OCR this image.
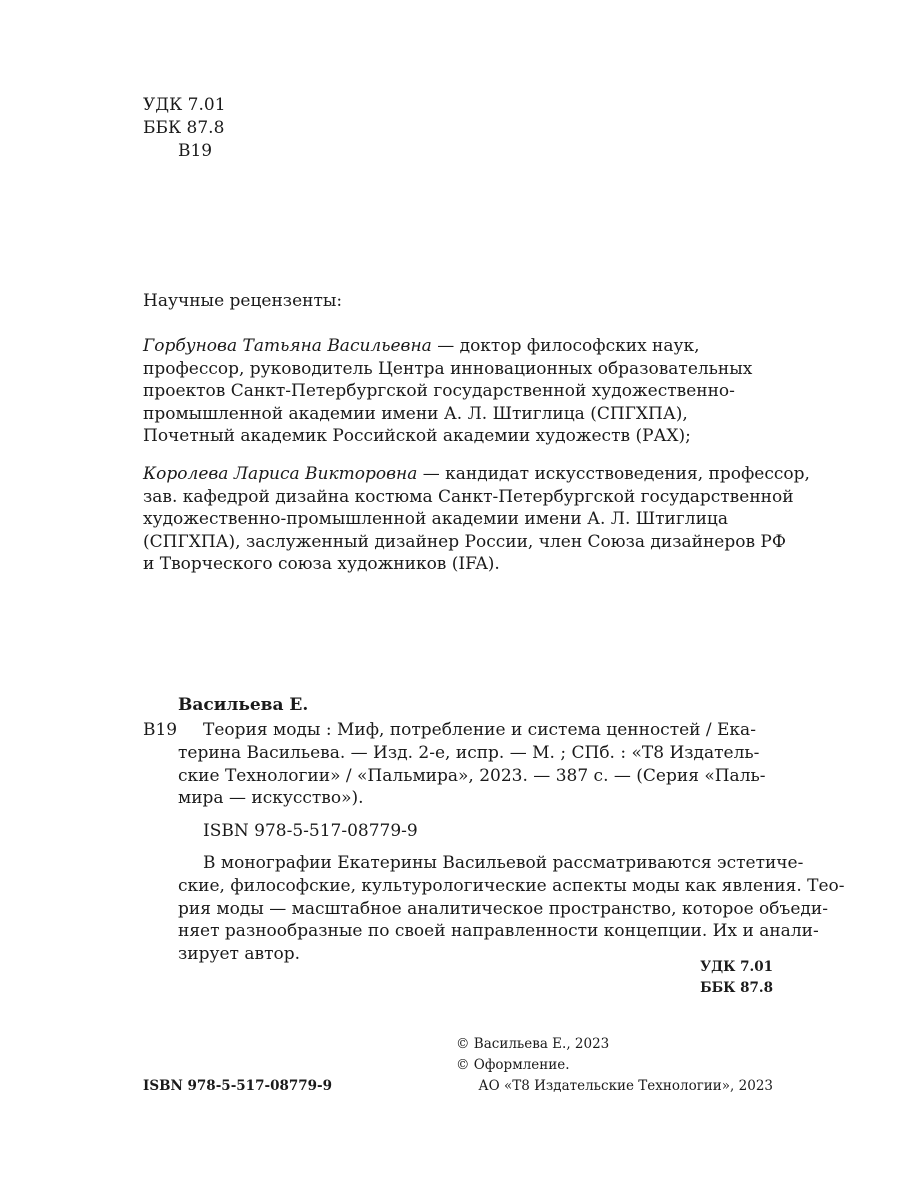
УДК 7.01
ББК 87.8
В19
Научные рецензенты:
Горбунова Татьяна Васильевна — доктор философских наук,
профессор, руководитель Центра инновационных образовательных
проектов Санкт-Петербургской государственной художественно-
промышленной академии имени А. Л. Штиглица (СПГХПА),
Почетный академик Российской академии художеств (РАХ);
Королева Лариса Викторовна — кандидат искусствоведения, профессор,
зав. кафедрой дизайна костюма Санкт-Петербургской государственной
художественно-промышленной академии имени А. Л. Штиглица
(СПГХПА), заслуженный дизайнер России, член Союза дизайнеров РФ
и Творческого союза художников (IFA).
Васильева Е.
В19 Теория моды : Миф, потребление и система ценностей / Ека-
терина Васильева. — Изд. 2-е, испр. — М. ; СПб. : «Т8 Издатель-
ские Технологии» / «Пальмира», 2023. — 387 с. — (Серия «Паль-
мира — искусство»).
ISBN 978-5-517-08779-9
В монографии Екатерины Васильевой рассматриваются эстетиче-
ские, философские, культурологические аспекты моды как явления. Тео-
рия моды — масштабное аналитическое пространство, которое объеди-
няет разнообразные по своей направленности концепции. Их и анали-
зирует автор.
УДК 7.01
ББК 87.8
© Васильева Е., 2023
© Оформление.
АО «Т8 Издательские Технологии», 2023
ISBN 978-5-517-08779-9
